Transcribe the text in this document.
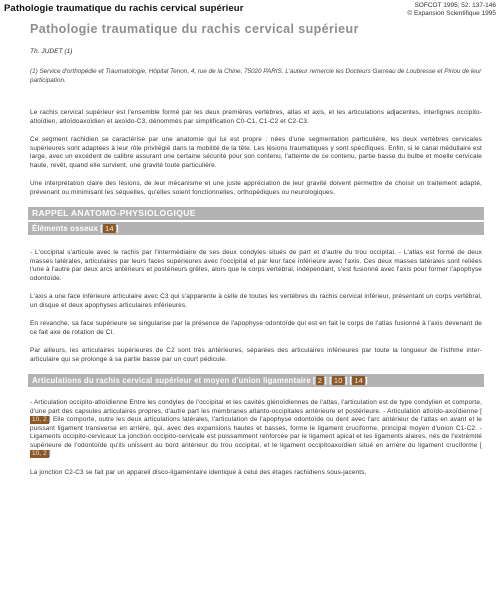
Pathologie traumatique du rachis cervical supérieur	SOFCOT 1995; 52: 137-146
© Expansion Scientifique 1995
Pathologie traumatique du rachis cervical supérieur
Th. JUDET (1)
(1) Service d'orthopédie et Traumatologie, Hôpital Tenon, 4, rue de la Chine, 75020 PARIS. L'auteur remercie les Docteurs Garreau de Loubresse et Piriou de leur participation.

Le rachis cervical supérieur est l'ensemble formé par les deux premières vertèbres, atlas et axis, et les articulations adjacentes, interlignes occipito-atloïdien, atloïdoaxoïdien et axoïdo-C3, dénommés par simplification C0-C1, C1-C2 et C2-C3.

Ce segment rachidien se caractérise par une anatomie qui lui est propre : nées d'une segmentation particulière, les deux vertèbres cervicales supérieures sont adaptées à leur rôle privilégié dans la mobilité de la tête. Les lésions traumatiques y sont spécifiques. Enfin, si le canal médullaire est large, avec un excédent de calibre assurant une certaine sécurité pour son contenu, l'atteinte de ce contenu, partie basse du bulbe et moelle cervicale haute, revêt, quand elle survient, une gravité toute particulière.

Une interprétation claire des lésions, de leur mécanisme et une juste appréciation de leur gravité doivent permettre de choisir un traitement adapté, prévenant ou minimisant les séquelles, qu'elles soient fonctionnelles, orthopédiques ou neurologiques.

RAPPEL ANATOMO-PHYSIOLOGIQUE
Éléments osseux [ 14 ]

- L'occipital s'articule avec le rachis par l'intermédiaire de ses deux condyles situés de part et d'autre du trou occipital. - L'atlas est formé de deux masses latérales, articulaires par leurs faces supérieures avec l'occipital et par leur face inférieure avec l'axis. Ces deux masses latérales sont reliées l'une à l'autre par deux arcs antérieurs et postérieurs grêles, alors que le corps vertébral, indépendant, s'est fusionné avec l'axis pour former l'apophyse odontoïde.

L'axis a une face inférieure articulaire avec C3 qui s'apparente à celle de toutes les vertèbres du rachis cervical inférieur, présentant un corps vertébral, un disque et deux apophyses articulaires inférieures.

En revanche, sa face supérieure se singularise par la présence de l'apophyse odontoïde qui est en fait le corps de l'atlas fusionné à l'axis devenant de ce fait axe de rotation de CI.

Par ailleurs, les articulaires supérieures de C2 sont très antérieures, séparées des articulaires inférieures par toute la longueur de l'isthme inter-articulaire qui se prolonge à sa partie basse par un court pédicule.

Articulations du rachis cervical supérieur et moyen d'union ligamentaire [ 2 ] [ 10 ] [ 14 ]

- Articulation occipito-atloïdienne Entre les condyles de l'occipital et les cavités glénoïdiennes de l'atlas, l'articulation est de type condylien et comporte, d'une part des capsules articulaires propres, d'autre part les membranes atlanto-occipitales antérieure et postérieure. - Articulation atloïdo-axoïdienne [10, 2 ] Elle comporte, outre les deux articulations latérales, l'articulation de l'apophyse odontoïde ou dent avec l'arc antérieur de l'atlas en avant et le puissant ligament transverse en arrière, qui, avec des expansions hautes et basses, forme le ligament cruciforme, principal moyen d'union C1-C2. - Ligaments occipito-cervicaux La jonction occipito-cervicale est puissamment renforcée par le ligament apical et les ligaments alaires, nés de l'extrémité supérieure de l'odontoïde qu'ils unissent au bord antérieur du trou occipital, et le ligament occipitoaxoïdien situé en arrière du ligament cruciforme [10, 2 ]

La jonction C2-C3 se fait par un appareil disco-ligamentaire identique à celui des étages rachidiens sous-jacents.
